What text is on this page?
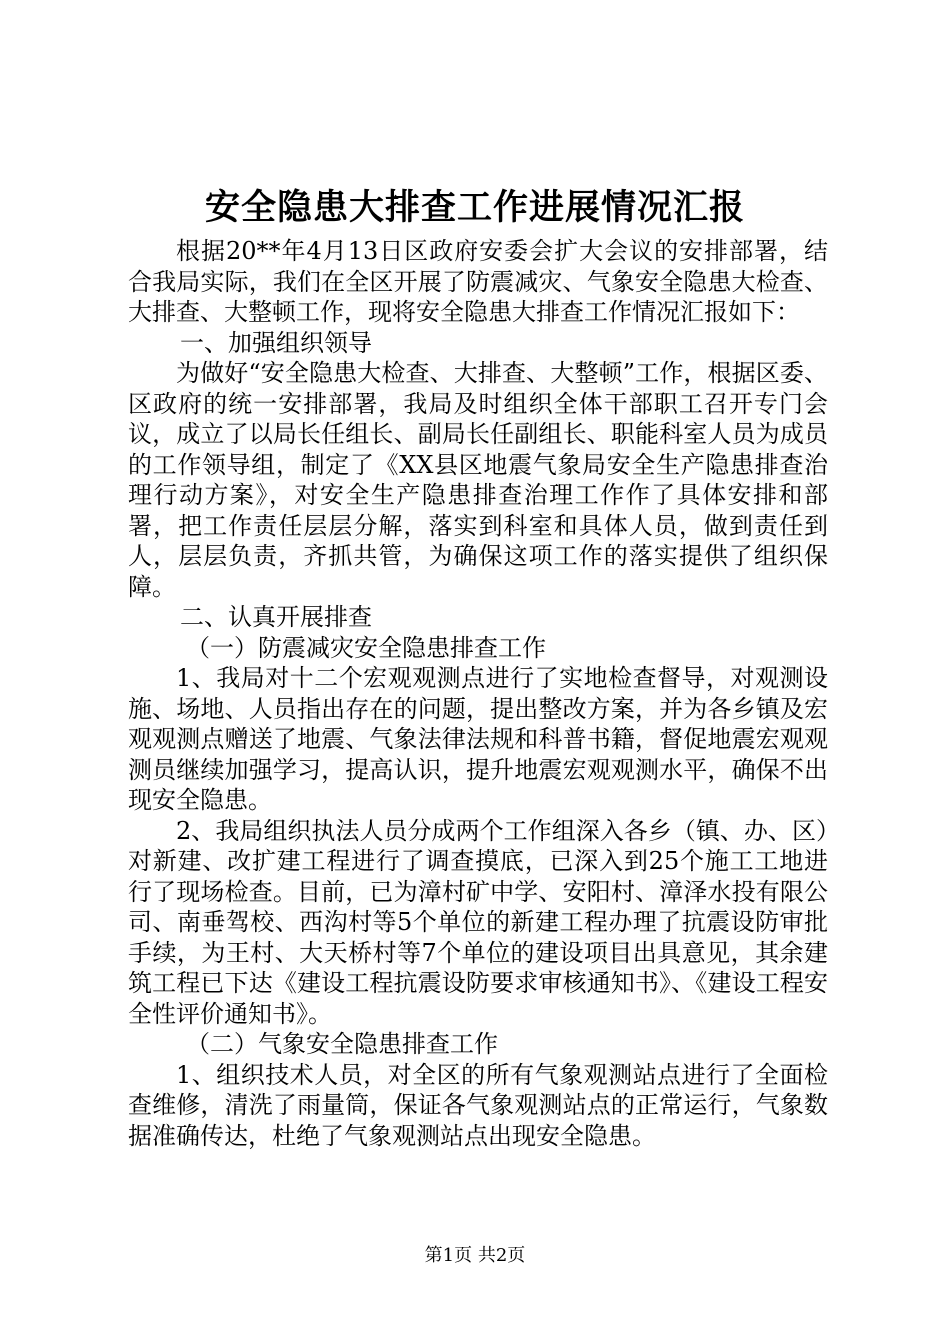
安全隐患大排查工作进展情况汇报

根据20**年4月13日区政府安委会扩大会议的安排部署，结合我局实际，我们在全区开展了防震减灾、气象安全隐患大检查、大排查、大整顿工作，现将安全隐患大排查工作情况汇报如下：

一、加强组织领导

为做好“安全隐患大检查、大排查、大整顿”工作，根据区委、区政府的统一安排部署，我局及时组织全体干部职工召开专门会议，成立了以局长任组长、副局长任副组长、职能科室人员为成员的工作领导组，制定了《XX县区地震气象局安全生产隐患排查治理行动方案》，对安全生产隐患排查治理工作作了具体安排和部署，把工作责任层层分解，落实到科室和具体人员，做到责任到人，层层负责，齐抓共管，为确保这项工作的落实提供了组织保障。

二、认真开展排查

（一）防震减灾安全隐患排查工作

1、我局对十二个宏观观测点进行了实地检查督导，对观测设施、场地、人员指出存在的问题，提出整改方案，并为各乡镇及宏观观测点赠送了地震、气象法律法规和科普书籍，督促地震宏观观测员继续加强学习，提高认识，提升地震宏观观测水平，确保不出现安全隐患。

2、我局组织执法人员分成两个工作组深入各乡（镇、办、区）对新建、改扩建工程进行了调查摸底，已深入到25个施工工地进行了现场检查。目前，已为漳村矿中学、安阳村、漳泽水投有限公司、南垂驾校、西沟村等5个单位的新建工程办理了抗震设防审批手续，为王村、大天桥村等7个单位的建设项目出具意见，其余建筑工程已下达《建设工程抗震设防要求审核通知书》、《建设工程安全性评价通知书》。

（二）气象安全隐患排查工作

1、组织技术人员，对全区的所有气象观测站点进行了全面检查维修，清洗了雨量筒，保证各气象观测站点的正常运行，气象数据准确传达，杜绝了气象观测站点出现安全隐患。

第1页 共2页
